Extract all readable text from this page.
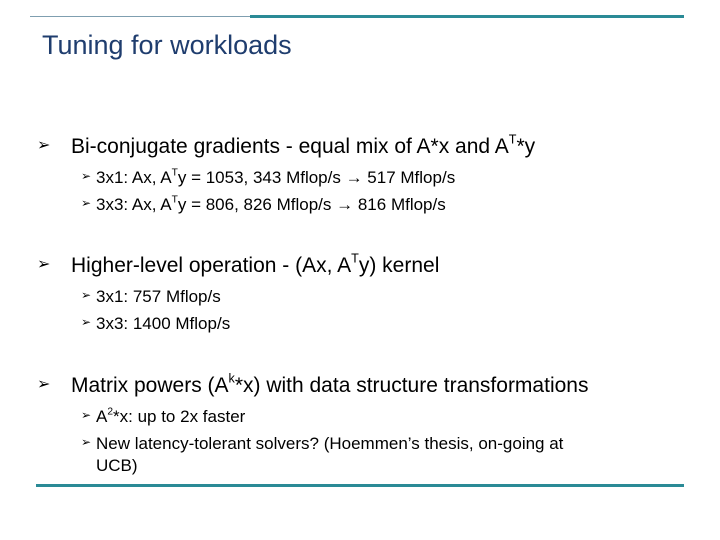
Tuning for workloads
➢ Bi-conjugate gradients - equal mix of A*x and $A^T*y$
➢ 3x1: Ax, $A^Ty = 1053$, 343 Mflop/s → 517 Mflop/s
➢ 3x3: Ax, $A^Ty = 806$, 826 Mflop/s → 816 Mflop/s
➢ Higher-level operation - (Ax, $A^Ty$) kernel
➢ 3x1: 757 Mflop/s
➢ 3x3: 1400 Mflop/s
➢ Matrix powers $(A^k*x)$ with data structure transformations
➢ $A^2*x$: up to 2x faster
➢ New latency-tolerant solvers? (Hoemmen’s thesis, on-going at
UCB)
